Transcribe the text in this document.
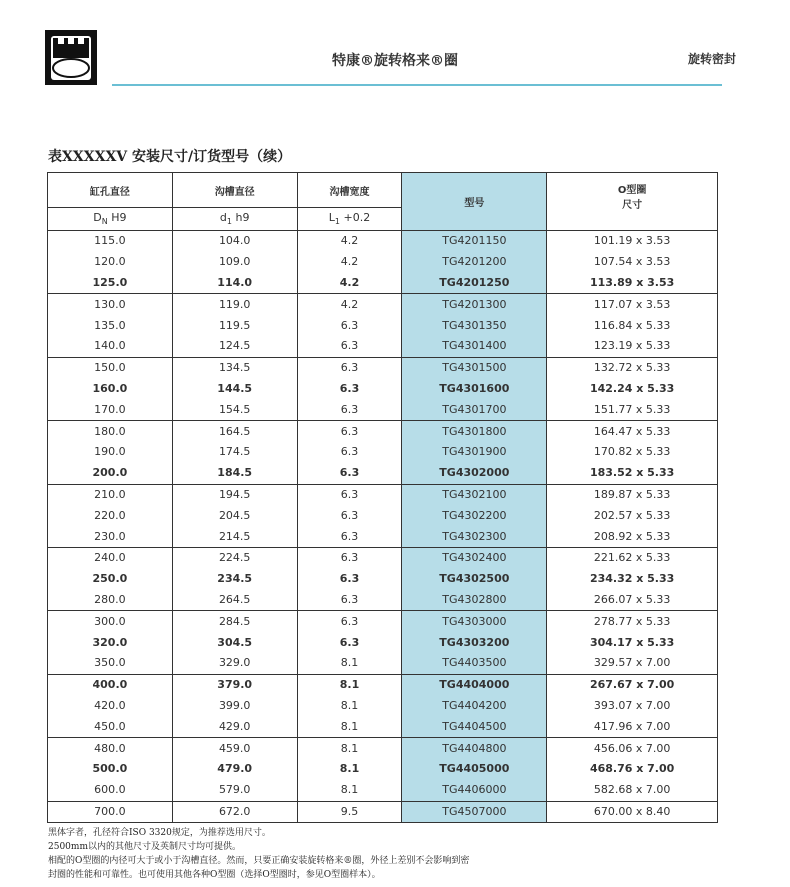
特康®旋转格来®圈	旋转密封
表XXXXXV 安装尺寸/订货型号（续）
缸孔直径	沟槽直径	沟槽宽度	型号	O型圈
尺寸
$D_N$ H9	$d_1$ h9	$L_1 +0.2$		
115.0	104.0	4.2	TG4201150	101.19 x 3.53
120.0	109.0	4.2	TG4201200	107.54 x 3.53
125.0	114.0	4.2	TG4201250	113.89 x 3.53
130.0	119.0	4.2	TG4201300	117.07 x 3.53
135.0	119.5	6.3	TG4301350	116.84 x 5.33
140.0	124.5	6.3	TG4301400	123.19 x 5.33
150.0	134.5	6.3	TG4301500	132.72 x 5.33
160.0	144.5	6.3	TG4301600	142.24 x 5.33
170.0	154.5	6.3	TG4301700	151.77 x 5.33
180.0	164.5	6.3	TG4301800	164.47 x 5.33
190.0	174.5	6.3	TG4301900	170.82 x 5.33
200.0	184.5	6.3	TG4302000	183.52 x 5.33
210.0	194.5	6.3	TG4302100	189.87 x 5.33
220.0	204.5	6.3	TG4302200	202.57 x 5.33
230.0	214.5	6.3	TG4302300	208.92 x 5.33
240.0	224.5	6.3	TG4302400	221.62 x 5.33
250.0	234.5	6.3	TG4302500	234.32 x 5.33
280.0	264.5	6.3	TG4302800	266.07 x 5.33
300.0	284.5	6.3	TG4303000	278.77 x 5.33
320.0	304.5	6.3	TG4303200	304.17 x 5.33
350.0	329.0	8.1	TG4403500	329.57 x 7.00
400.0	379.0	8.1	TG4404000	267.67 x 7.00
420.0	399.0	8.1	TG4404200	393.07 x 7.00
450.0	429.0	8.1	TG4404500	417.96 x 7.00
480.0	459.0	8.1	TG4404800	456.06 x 7.00
500.0	479.0	8.1	TG4405000	468.76 x 7.00
600.0	579.0	8.1	TG4406000	582.68 x 7.00
700.0	672.0	9.5	TG4507000	670.00 x 8.40
黑体字者，孔径符合ISO 3320规定，为推荐选用尺寸。
2500mm以内的其他尺寸及英制尺寸均可提供。
相配的O型圈的内径可大于或小于沟槽直径。然而，只要正确安装旋转格来®圈，外径上差别不会影响到密
封圈的性能和可靠性。也可使用其他各种O型圈（选择O型圈时，参见O型圈样本）。
